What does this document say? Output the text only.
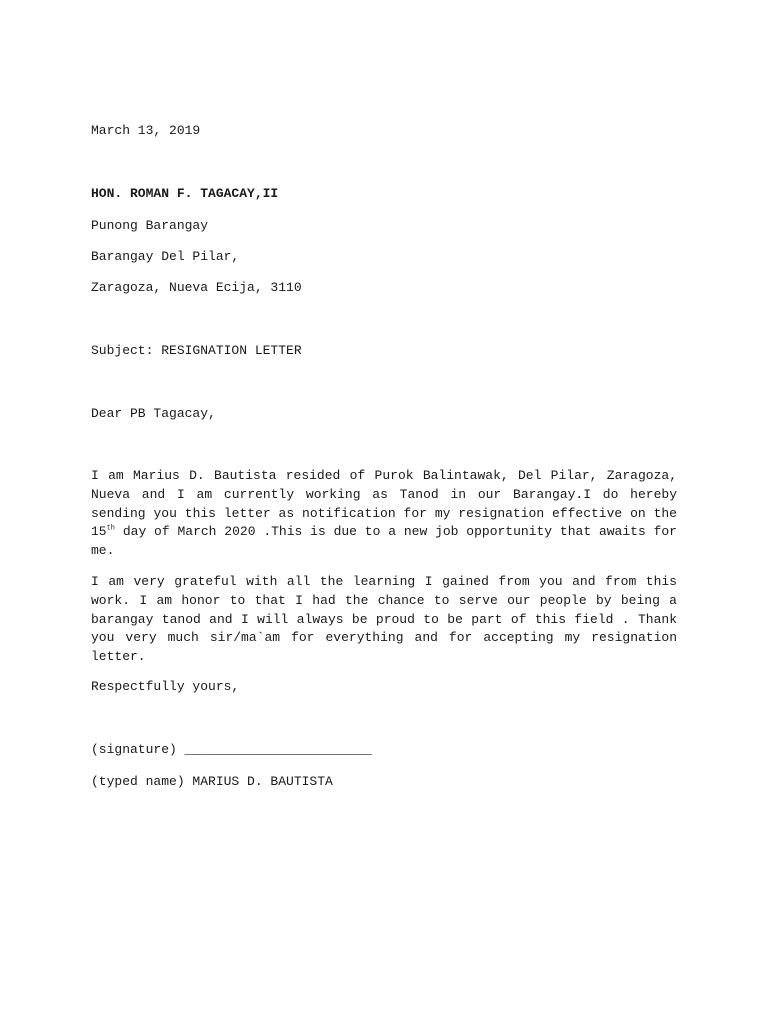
March 13, 2019
HON. ROMAN F. TAGACAY,II
Punong Barangay
Barangay Del Pilar,
Zaragoza, Nueva Ecija, 3110
Subject: RESIGNATION LETTER
Dear PB Tagacay,
I am Marius D. Bautista resided of Purok Balintawak, Del Pilar, Zaragoza, Nueva and I am currently working as Tanod in our Barangay.I do hereby sending you this letter as notification for my resignation effective on the 15th day of March 2020 .This is due to a new job opportunity that awaits for me.
I am very grateful with all the learning I gained from you and from this work. I am honor to that I had the chance to serve our people by being a barangay tanod and I will always be proud to be part of this field . Thank you very much sir/ma`am for everything and for accepting my resignation letter.
Respectfully yours,
(signature) ________________________
(typed name) MARIUS D. BAUTISTA
